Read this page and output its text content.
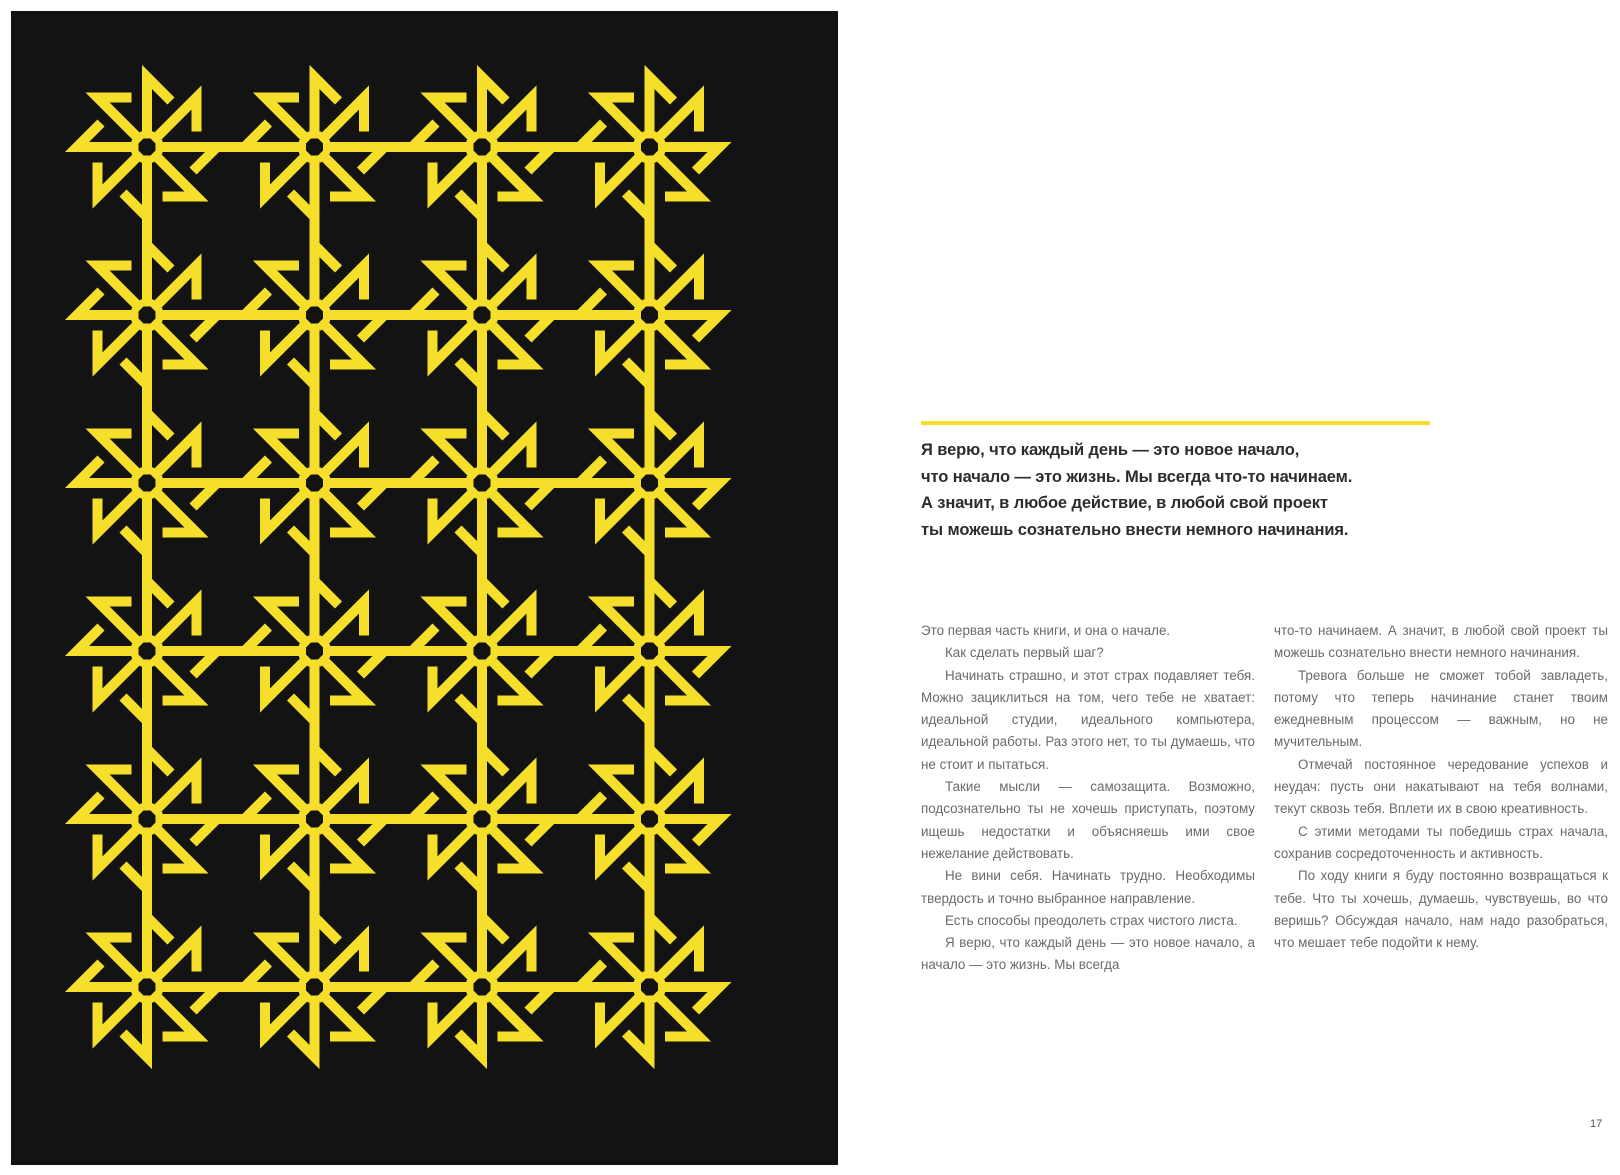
Я верю, что каждый день — это новое начало,
что начало — это жизнь. Мы всегда что-то начинаем.
А значит, в любое действие, в любой свой проект
ты можешь сознательно внести немного начинания.

Это первая часть книги, и она о начале.

Как сделать первый шаг?

Начинать страшно, и этот страх подавляет тебя. Можно зациклиться на том, чего тебе не хватает: идеальной студии, идеального компьютера, идеальной работы. Раз этого нет, то ты думаешь, что не стоит и пытаться.

Такие мысли — самозащита. Возможно, подсознательно ты не хочешь приступать, поэтому ищешь недостатки и объясняешь ими свое нежелание действовать.

Не вини себя. Начинать трудно. Необходимы твердость и точно выбранное направление.

Есть способы преодолеть страх чистого листа.

Я верю, что каждый день — это новое начало, а начало — это жизнь. Мы всегда

что-то начинаем. А значит, в любой свой проект ты можешь сознательно внести немного начинания.

Тревога больше не сможет тобой завладеть, потому что теперь начинание станет твоим ежедневным процессом — важным, но не мучительным.

Отмечай постоянное чередование успехов и неудач: пусть они накатывают на тебя волнами, текут сквозь тебя. Вплети их в свою креативность.

С этими методами ты победишь страх начала, сохранив сосредоточенность и активность.

По ходу книги я буду постоянно возвращаться к тебе. Что ты хочешь, думаешь, чувствуешь, во что веришь? Обсуждая начало, нам надо разобраться, что мешает тебе подойти к нему.

17
